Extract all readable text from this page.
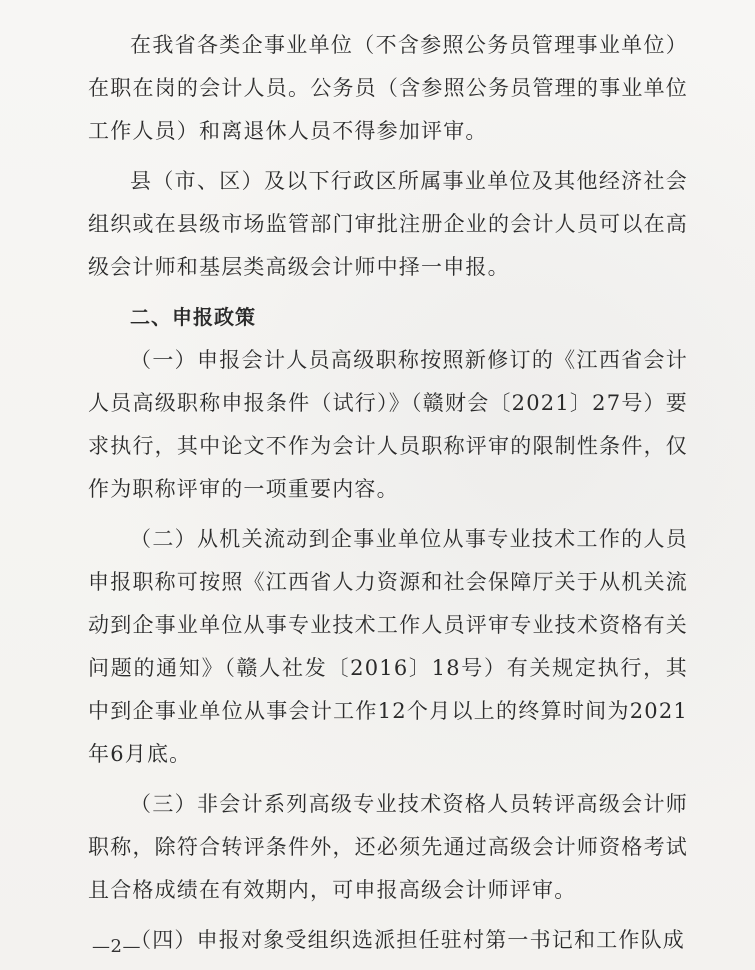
在我省各类企事业单位（不含参照公务员管理事业单位）在职在岗的会计人员。公务员（含参照公务员管理的事业单位工作人员）和离退休人员不得参加评审。

县（市、区）及以下行政区所属事业单位及其他经济社会组织或在县级市场监管部门审批注册企业的会计人员可以在高级会计师和基层类高级会计师中择一申报。

二、申报政策

（一）申报会计人员高级职称按照新修订的《江西省会计人员高级职称申报条件（试行）》（赣财会〔2021〕27号）要求执行，其中论文不作为会计人员职称评审的限制性条件，仅作为职称评审的一项重要内容。

（二）从机关流动到企事业单位从事专业技术工作的人员申报职称可按照《江西省人力资源和社会保障厅关于从机关流动到企事业单位从事专业技术工作人员评审专业技术资格有关问题的通知》（赣人社发〔2016〕18号）有关规定执行，其中到企事业单位从事会计工作12个月以上的终算时间为2021年6月底。

（三）非会计系列高级专业技术资格人员转评高级会计师职称，除符合转评条件外，还必须先通过高级会计师资格考试且合格成绩在有效期内，可申报高级会计师评审。

（四）申报对象受组织选派担任驻村第一书记和工作队成

—2—
